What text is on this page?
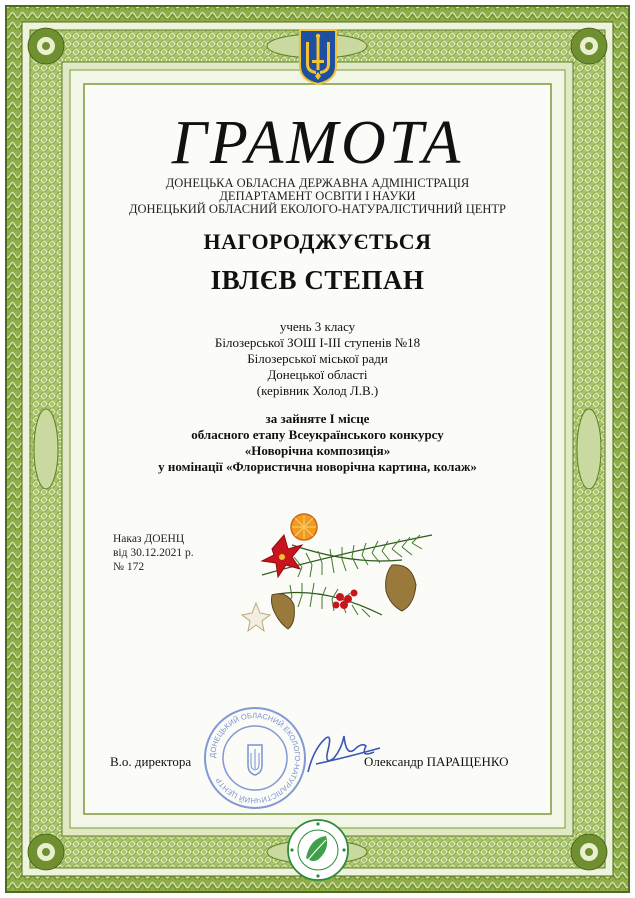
ГРАМОТА
ДОНЕЦЬКА ОБЛАСНА ДЕРЖАВНА АДМІНІСТРАЦІЯ
ДЕПАРТАМЕНТ ОСВІТИ І НАУКИ
ДОНЕЦЬКИЙ ОБЛАСНИЙ ЕКОЛОГО-НАТУРАЛІСТИЧНИЙ ЦЕНТР
НАГОРОДЖУЄТЬСЯ
ІВЛЄВ СТЕПАН
учень 3 класу
Білозерської ЗОШ І-ІІІ ступенів №18
Білозерської міської ради
Донецької області
(керівник Холод Л.В.)
за зайняте І місце
обласного етапу Всеукраїнського конкурсу
«Новорічна композиція»
у номінації «Флористична новорічна картина, колаж»
Наказ ДОЕНЦ
від 30.12.2021 р.
№ 172
ДОНЕЦЬКИЙ ОБЛАСНИЙ ЕКОЛОГО-НАТУРАЛІСТИЧНИЙ ЦЕНТР
В.о. директора	Олександр ПАРАЩЕНКО
